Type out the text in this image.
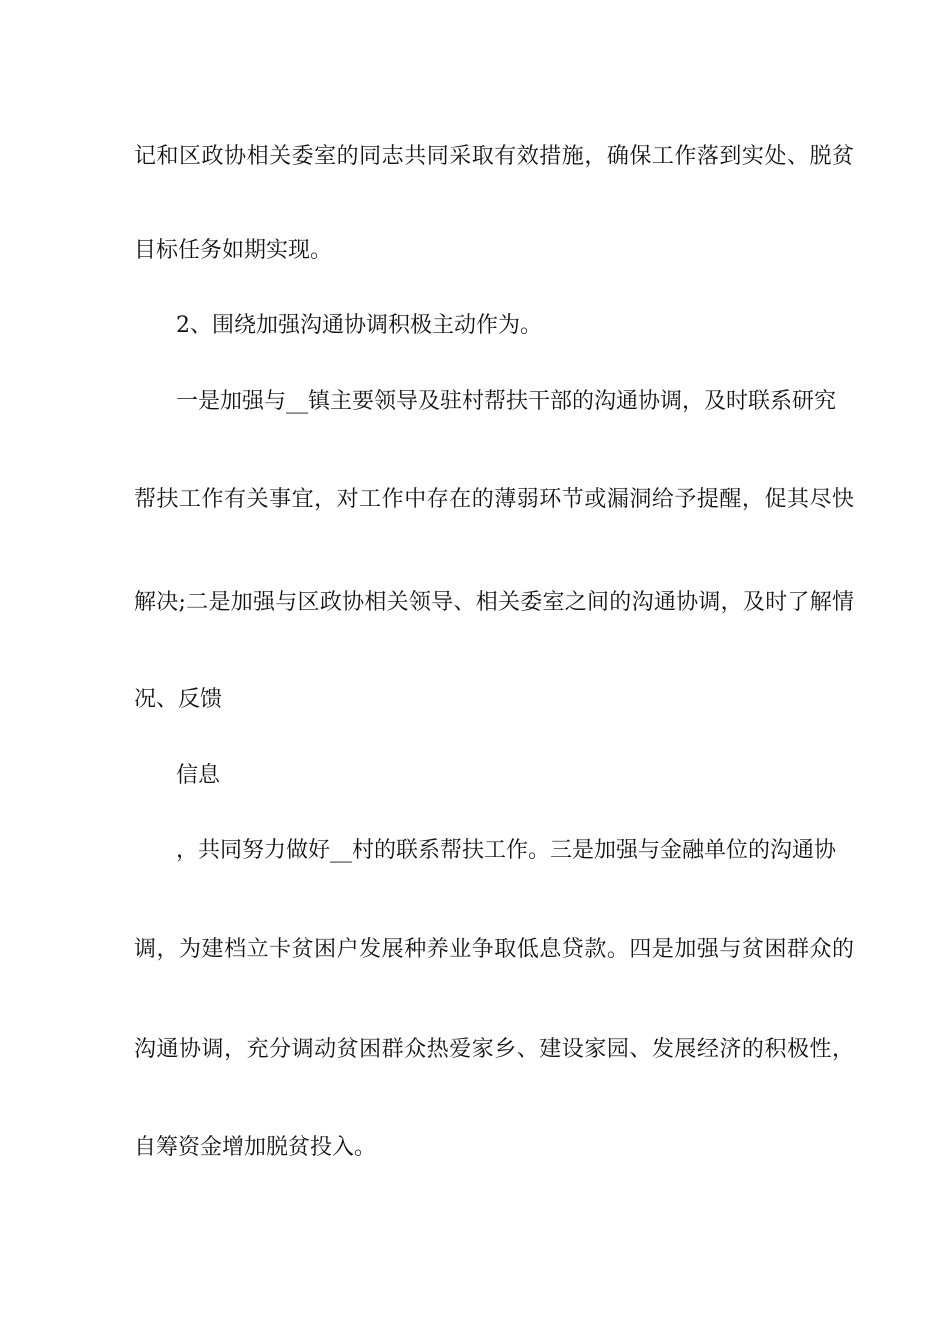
记和区政协相关委室的同志共同采取有效措施，确保工作落到实处、脱贫
目标任务如期实现。
2、围绕加强沟通协调积极主动作为。
一是加强与__镇主要领导及驻村帮扶干部的沟通协调，及时联系研究
帮扶工作有关事宜，对工作中存在的薄弱环节或漏洞给予提醒，促其尽快
解决;二是加强与区政协相关领导、相关委室之间的沟通协调，及时了解情
况、反馈
信息
，共同努力做好__村的联系帮扶工作。三是加强与金融单位的沟通协
调，为建档立卡贫困户发展种养业争取低息贷款。四是加强与贫困群众的
沟通协调，充分调动贫困群众热爱家乡、建设家园、发展经济的积极性，
自筹资金增加脱贫投入。
